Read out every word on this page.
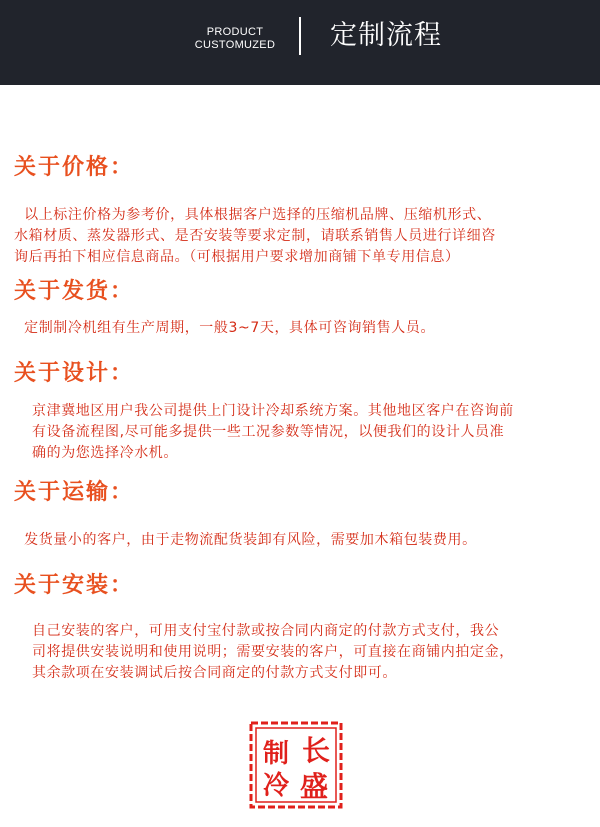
PRODUCT
CUSTOMUZED	定制流程
关于价格：
以上标注价格为参考价，具体根据客户选择的压缩机品牌、压缩机形式、
水箱材质、蒸发器形式、是否安装等要求定制，请联系销售人员进行详细咨
询后再拍下相应信息商品。（可根据用户要求增加商铺下单专用信息）
关于发货：
定制制冷机组有生产周期，一般3~7天，具体可咨询销售人员。
关于设计：
京津冀地区用户我公司提供上门设计冷却系统方案。其他地区客户在咨询前
有设备流程图,尽可能多提供一些工况参数等情况，以便我们的设计人员准
确的为您选择冷水机。
关于运输：
发货量小的客户，由于走物流配货装卸有风险，需要加木箱包装费用。
关于安装：
自己安装的客户，可用支付宝付款或按合同内商定的付款方式支付，我公
司将提供安装说明和使用说明；需要安装的客户，可直接在商铺内拍定金，
其余款项在安装调试后按合同商定的付款方式支付即可。
制 长
冷 盛
